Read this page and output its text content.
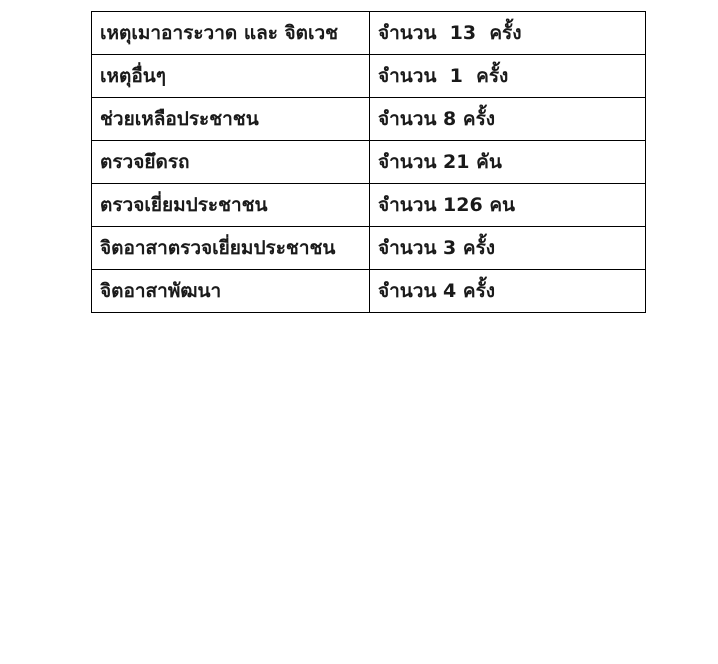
เหตุเมาอาระวาด และ จิตเวช	จำนวน  13  ครั้ง
เหตุอื่นๆ	จำนวน  1  ครั้ง
ช่วยเหลือประชาชน	จำนวน 8 ครั้ง
ตรวจยึดรถ	จำนวน 21 คัน
ตรวจเยี่ยมประชาชน	จำนวน 126 คน
จิตอาสาตรวจเยี่ยมประชาชน	จำนวน 3 ครั้ง
จิตอาสาพัฒนา	จำนวน 4 ครั้ง
